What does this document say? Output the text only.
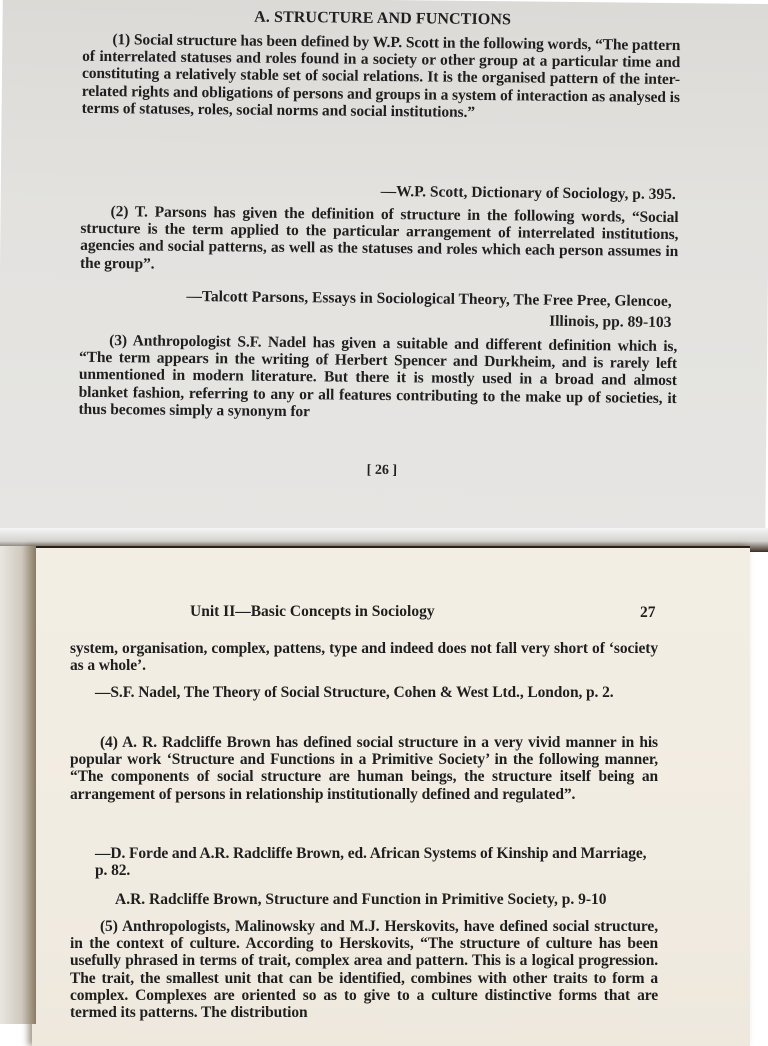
A. STRUCTURE AND FUNCTIONS
(1) Social structure has been defined by W.P. Scott in the following words, “The pattern of interrelated statuses and roles found in a society or other group at a particular time and constituting a relatively stable set of social relations. It is the organised pattern of the inter-related rights and obligations of persons and groups in a system of interaction as analysed is terms of statuses, roles, social norms and social institutions.”
—W.P. Scott, Dictionary of Sociology, p. 395.
(2) T. Parsons has given the definition of structure in the following words, “Social structure is the term applied to the particular arrangement of interrelated institutions, agencies and social patterns, as well as the statuses and roles which each person assumes in the group”.
—Talcott Parsons, Essays in Sociological Theory, The Free Pree, Glencoe,
Illinois, pp. 89-103
(3) Anthropologist S.F. Nadel has given a suitable and different definition which is, “The term appears in the writing of Herbert Spencer and Durkheim, and is rarely left unmentioned in modern literature. But there it is mostly used in a broad and almost blanket fashion, referring to any or all features contributing to the make up of societies, it thus becomes simply a synonym for
[ 26 ]
Unit II—Basic Concepts in Sociology	27
system, organisation, complex, pattens, type and indeed does not fall very short of ‘society as a whole’.
—S.F. Nadel, The Theory of Social Structure, Cohen & West Ltd., London, p. 2.
(4) A. R. Radcliffe Brown has defined social structure in a very vivid manner in his popular work ‘Structure and Functions in a Primitive Society’ in the following manner, “The components of social structure are human beings, the structure itself being an arrangement of persons in relationship institutionally defined and regulated”.
—D. Forde and A.R. Radcliffe Brown, ed. African Systems of Kinship and Marriage, p. 82.
A.R. Radcliffe Brown, Structure and Function in Primitive Society, p. 9-10
(5) Anthropologists, Malinowsky and M.J. Herskovits, have defined social structure, in the context of culture. According to Herskovits, “The structure of culture has been usefully phrased in terms of trait, complex area and pattern. This is a logical progression. The trait, the smallest unit that can be identified, combines with other traits to form a complex. Complexes are oriented so as to give to a culture distinctive forms that are termed its patterns. The distribution
